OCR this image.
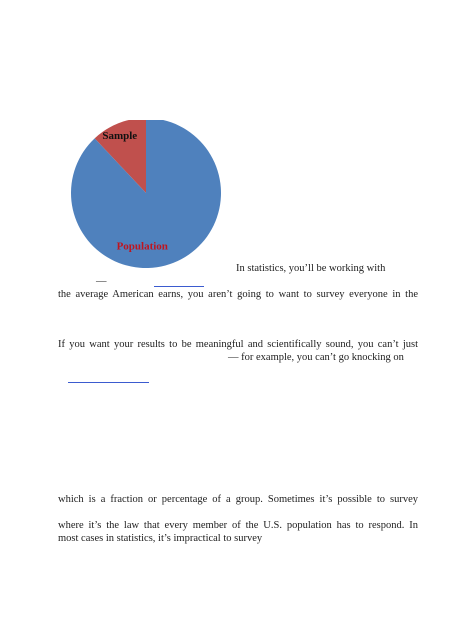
Sample
Population
In statistics, you’ll be working with
—
the average American earns, you aren’t going to want to survey everyone in the
If you want your results to be meaningful and scientifically sound, you can’t just
— for example, you can’t go knocking on
which is a fraction or percentage of a group. Sometimes it’s possible to survey
where it’s the law that every member of the U.S. population has to respond. In
most cases in statistics, it’s impractical to survey
